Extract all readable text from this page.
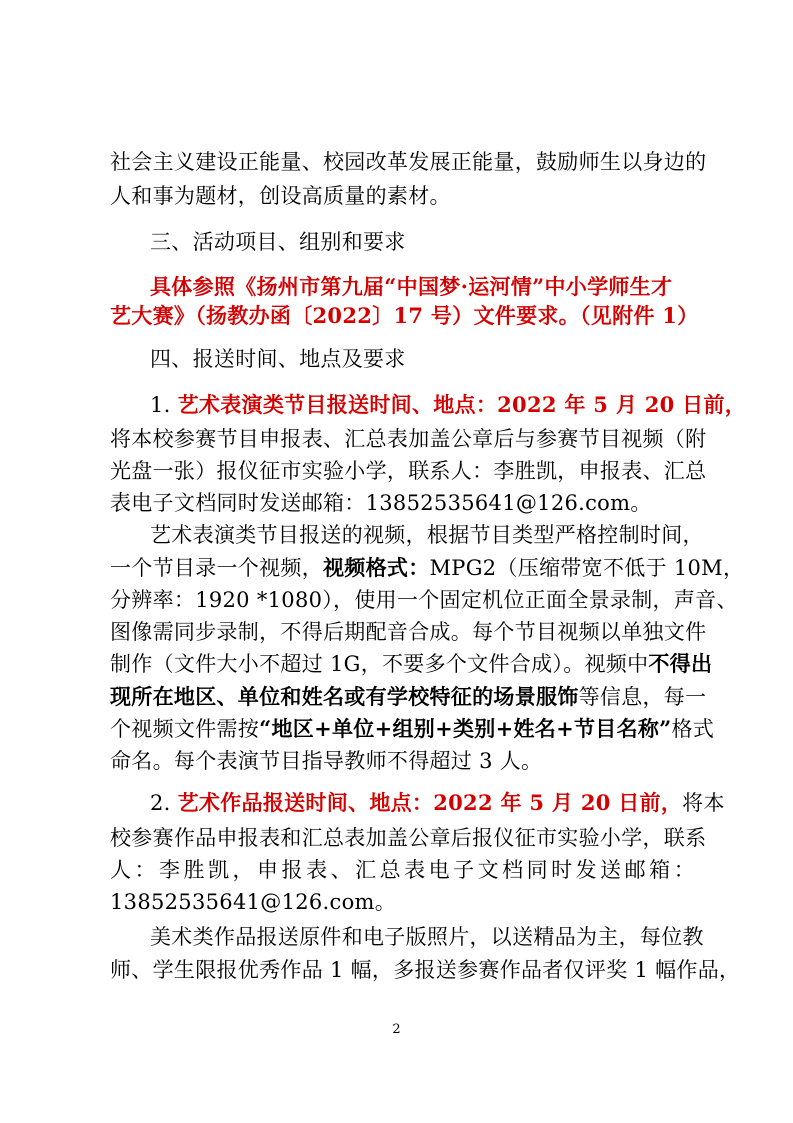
社会主义建设正能量、校园改革发展正能量，鼓励师生以身边的
人和事为题材，创设高质量的素材。
三、活动项目、组别和要求
具体参照《扬州市第九届“中国梦·运河情”中小学师生才
艺大赛》（扬教办函〔2022〕17 号）文件要求。（见附件 1）
四、报送时间、地点及要求
1. 艺术表演类节目报送时间、地点：2022 年 5 月 20 日前，
将本校参赛节目申报表、汇总表加盖公章后与参赛节目视频（附
光盘一张）报仪征市实验小学，联系人：李胜凯，申报表、汇总
表电子文档同时发送邮箱：13852535641@126.com。
艺术表演类节目报送的视频，根据节目类型严格控制时间，
一个节目录一个视频，视频格式：MPG2（压缩带宽不低于 10M，
分辨率：1920 *1080），使用一个固定机位正面全景录制，声音、
图像需同步录制，不得后期配音合成。每个节目视频以单独文件
制作（文件大小不超过 1G，不要多个文件合成）。视频中不得出
现所在地区、单位和姓名或有学校特征的场景服饰等信息，每一
个视频文件需按“地区+单位+组别+类别+姓名+节目名称”格式
命名。每个表演节目指导教师不得超过 3 人。
2. 艺术作品报送时间、地点：2022 年 5 月 20 日前，将本
校参赛作品申报表和汇总表加盖公章后报仪征市实验小学，联系
人：李胜凯，申报表、汇总表电子文档同时发送邮箱：
13852535641@126.com。
美术类作品报送原件和电子版照片，以送精品为主，每位教
师、学生限报优秀作品 1 幅，多报送参赛作品者仅评奖 1 幅作品，
2
